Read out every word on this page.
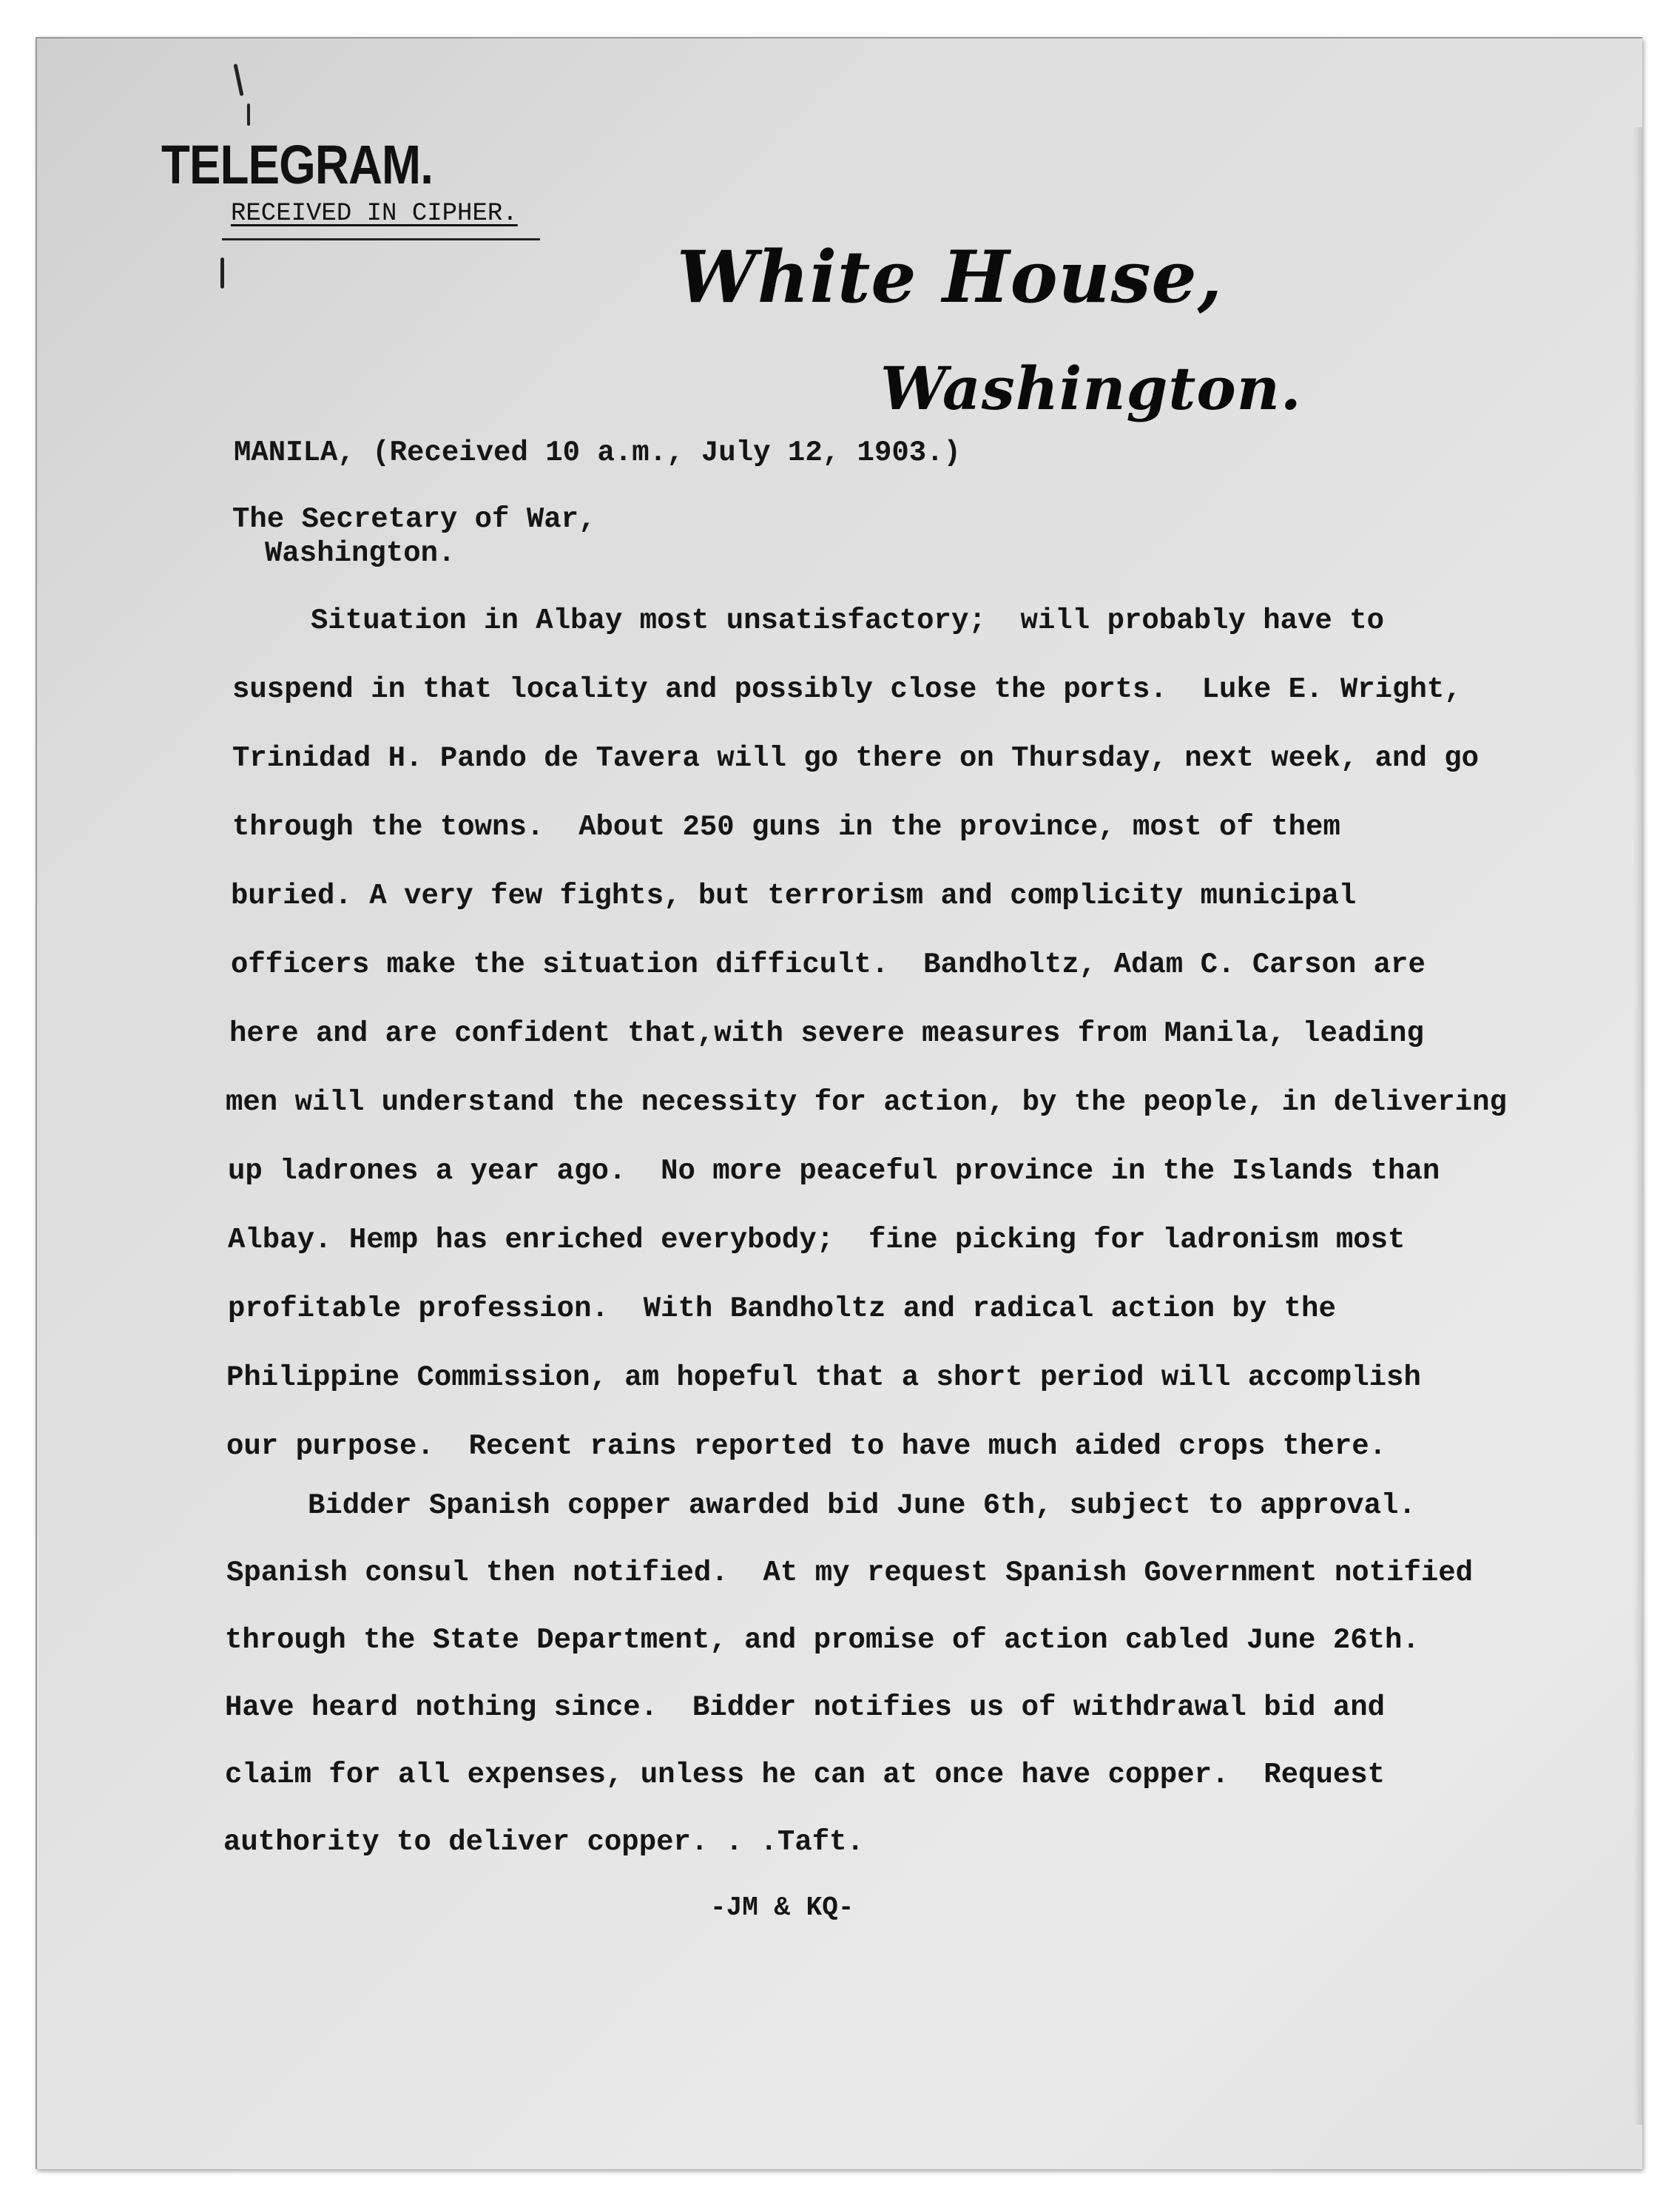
TELEGRAM.
RECEIVED IN CIPHER.
White House,
Washington.
MANILA, (Received 10 a.m., July 12, 1903.)
The Secretary of War,
Washington.
Situation in Albay most unsatisfactory;  will probably have to
suspend in that locality and possibly close the ports.  Luke E. Wright,
Trinidad H. Pando de Tavera will go there on Thursday, next week, and go
through the towns.  About 250 guns in the province, most of them
buried. A very few fights, but terrorism and complicity municipal
officers make the situation difficult.  Bandholtz, Adam C. Carson are
here and are confident that,with severe measures from Manila, leading
men will understand the necessity for action, by the people, in delivering
up ladrones a year ago.  No more peaceful province in the Islands than
Albay. Hemp has enriched everybody;  fine picking for ladronism most
profitable profession.  With Bandholtz and radical action by the
Philippine Commission, am hopeful that a short period will accomplish
our purpose.  Recent rains reported to have much aided crops there.
Bidder Spanish copper awarded bid June 6th, subject to approval.
Spanish consul then notified.  At my request Spanish Government notified
through the State Department, and promise of action cabled June 26th.
Have heard nothing since.  Bidder notifies us of withdrawal bid and
claim for all expenses, unless he can at once have copper.  Request
authority to deliver copper. . .Taft.
-JM & KQ-
